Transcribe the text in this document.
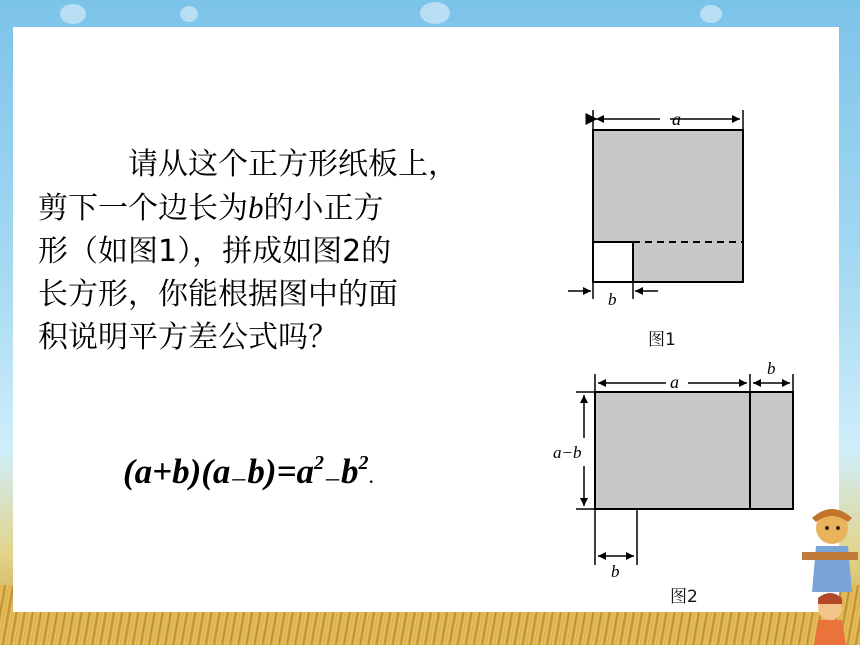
请从这个正方形纸板上，

剪下一个边长为b的小正方

形（如图1），拼成如图2的

长方形，你能根据图中的面

积说明平方差公式吗？

$(a+b)(a-b)=a^2-b^2$.
a
b
图1
a
b
a−b
b
图2
